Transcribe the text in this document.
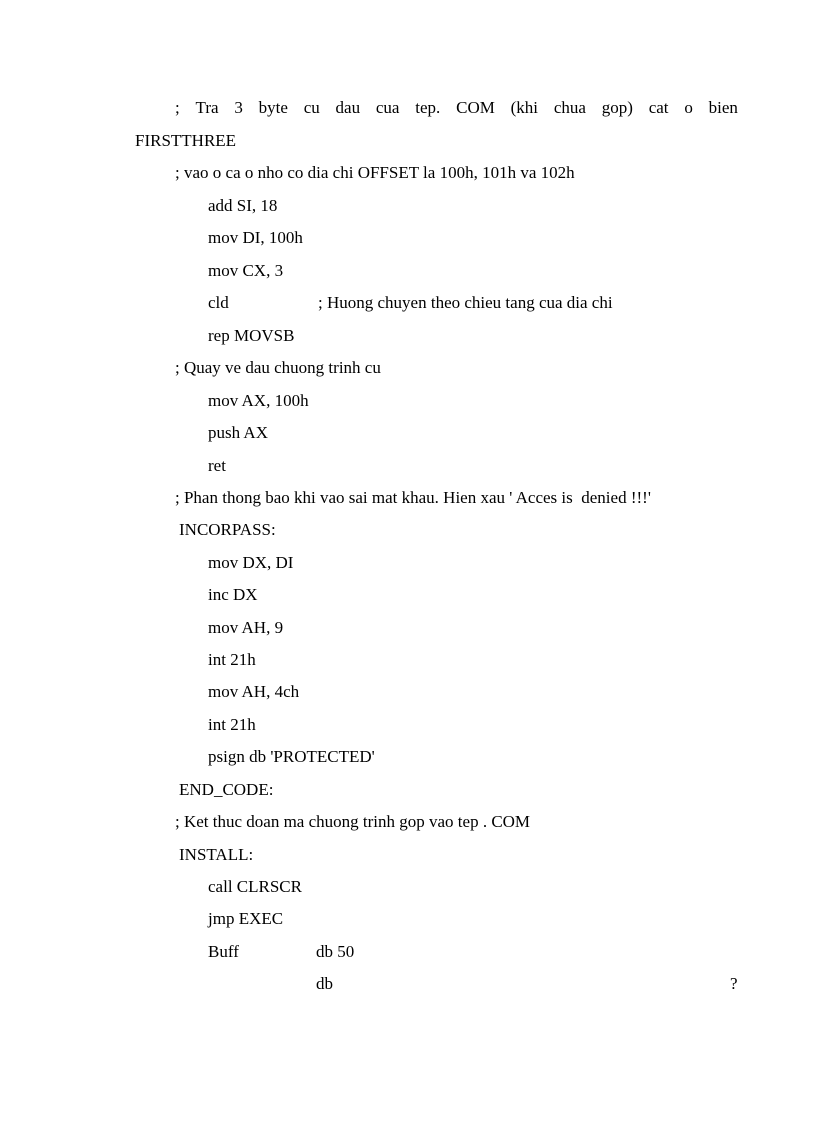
; Tra 3 byte cu dau cua tep. COM (khi chua gop) cat o bien
FIRSTTHREE
; vao o ca o nho co dia chi OFFSET la 100h, 101h va 102h
add SI, 18
mov DI, 100h
mov CX, 3
cld	; Huong chuyen theo chieu tang cua dia chi
rep MOVSB
; Quay ve dau chuong trinh cu
mov AX, 100h
push AX
ret
; Phan thong bao khi vao sai mat khau. Hien xau ' Acces is  denied !!!'
INCORPASS:
mov DX, DI
inc DX
mov AH, 9
int 21h
mov AH, 4ch
int 21h
psign db 'PROTECTED'
END_CODE:
; Ket thuc doan ma chuong trinh gop vao tep . COM
INSTALL:
call CLRSCR
jmp EXEC
Buff	db 50
db	?
